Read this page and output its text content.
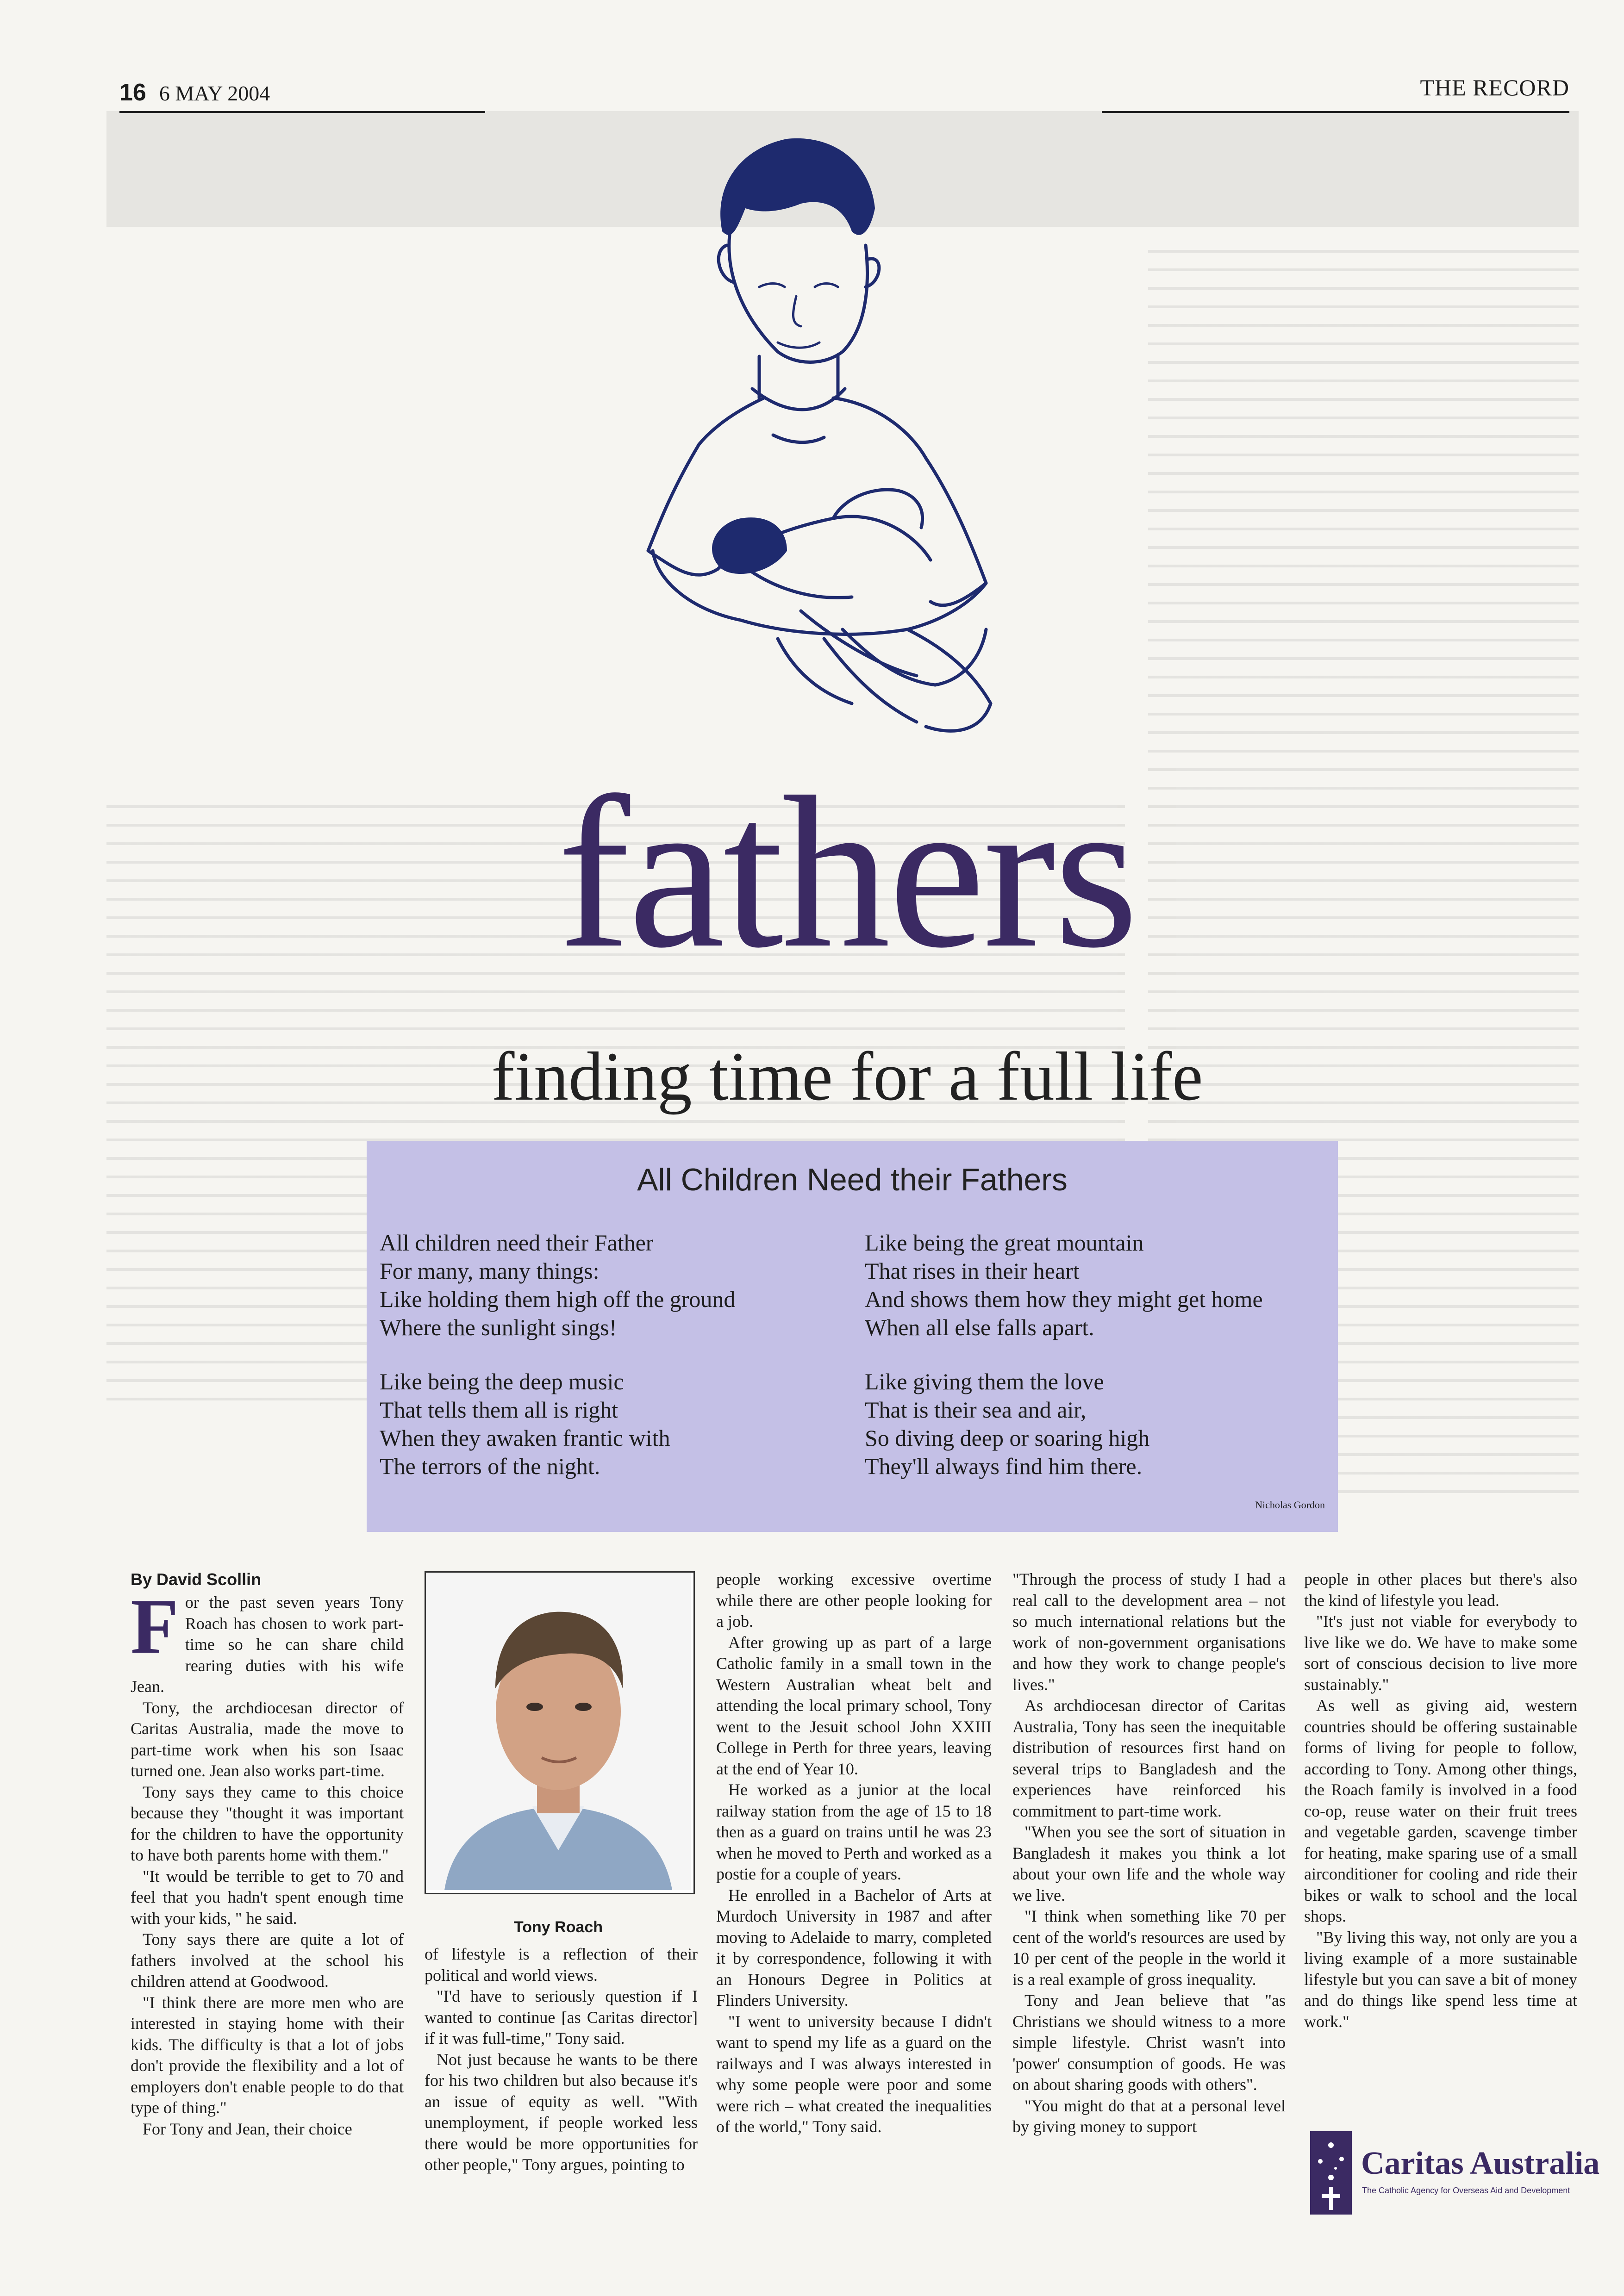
16 6 MAY 2004	THE RECORD
fathers
finding time for a full life
All Children Need their Fathers
All children need their Father
For many, many things:
Like holding them high off the ground
Where the sunlight sings!
Like being the deep music
That tells them all is right
When they awaken frantic with
The terrors of the night.
Like being the great mountain
That rises in their heart
And shows them how they might get home
When all else falls apart.
Like giving them the love
That is their sea and air,
So diving deep or soaring high
They'll always find him there.
Nicholas Gordon
By David Scollin

For the past seven years Tony Roach has chosen to work part-time so he can share child rearing duties with his wife Jean.

Tony, the archdiocesan director of Caritas Australia, made the move to part-time work when his son Isaac turned one. Jean also works part-time.

Tony says they came to this choice because they "thought it was important for the children to have the opportunity to have both parents home with them."

"It would be terrible to get to 70 and feel that you hadn't spent enough time with your kids, " he said.

Tony says there are quite a lot of fathers involved at the school his children attend at Goodwood.

"I think there are more men who are interested in staying home with their kids. The difficulty is that a lot of jobs don't provide the flexibility and a lot of employers don't enable people to do that type of thing."

For Tony and Jean, their choice

Tony Roach

of lifestyle is a reflection of their political and world views.

"I'd have to seriously question if I wanted to continue [as Caritas director] if it was full-time," Tony said.

Not just because he wants to be there for his two children but also because it's an issue of equity as well. "With unemployment, if people worked less there would be more opportunities for other people," Tony argues, pointing to

people working excessive overtime while there are other people looking for a job.

After growing up as part of a large Catholic family in a small town in the Western Australian wheat belt and attending the local primary school, Tony went to the Jesuit school John XXIII College in Perth for three years, leaving at the end of Year 10.

He worked as a junior at the local railway station from the age of 15 to 18 then as a guard on trains until he was 23 when he moved to Perth and worked as a postie for a couple of years.

He enrolled in a Bachelor of Arts at Murdoch University in 1987 and after moving to Adelaide to marry, completed it by correspondence, following it with an Honours Degree in Politics at Flinders University.

"I went to university because I didn't want to spend my life as a guard on the railways and I was always interested in why some people were poor and some were rich – what created the inequalities of the world," Tony said.

"Through the process of study I had a real call to the development area – not so much international relations but the work of non-government organisations and how they work to change people's lives."

As archdiocesan director of Caritas Australia, Tony has seen the inequitable distribution of resources first hand on several trips to Bangladesh and the experiences have reinforced his commitment to part-time work.

"When you see the sort of situation in Bangladesh it makes you think a lot about your own life and the whole way we live.

"I think when something like 70 per cent of the world's resources are used by 10 per cent of the people in the world it is a real example of gross inequality.

Tony and Jean believe that "as Christians we should witness to a more simple lifestyle. Christ wasn't into 'power' consumption of goods. He was on about sharing goods with others".

"You might do that at a personal level by giving money to support

people in other places but there's also the kind of lifestyle you lead.

"It's just not viable for everybody to live like we do. We have to make some sort of conscious decision to live more sustainably."

As well as giving aid, western countries should be offering sustainable forms of living for people to follow, according to Tony. Among other things, the Roach family is involved in a food co-op, reuse water on their fruit trees and vegetable garden, scavenge timber for heating, make sparing use of a small airconditioner for cooling and ride their bikes or walk to school and the local shops.

"By living this way, not only are you a living example of a more sustainable lifestyle but you can save a bit of money and do things like spend less time at work."

Caritas Australia
The Catholic Agency for Overseas Aid and Development
